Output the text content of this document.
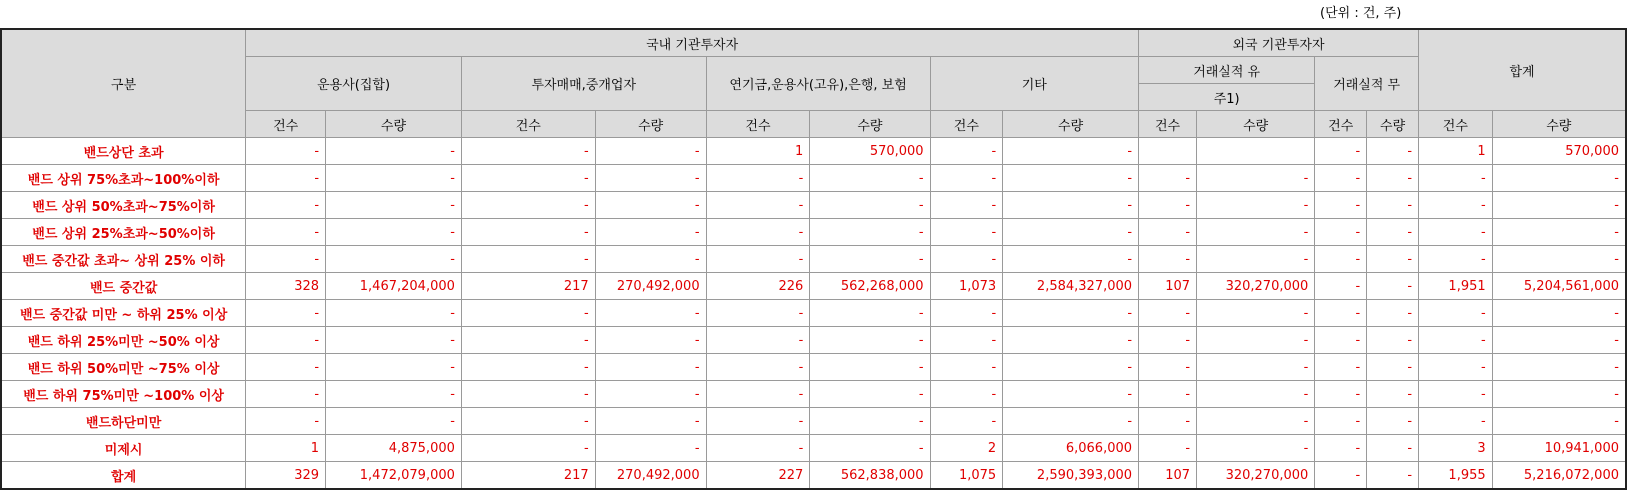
(단위 : 건, 주)
구분	국내 기관투자자								외국 기관투자자				합계	
	운용사(집합)		투자매매,중개업자		연기금,운용사(고유),은행, 보험		기타		거래실적 유		거래실적 무			
									주1)					
	건수	수량	건수	수량	건수	수량	건수	수량	건수	수량	건수	수량	건수	수량
밴드상단 초과	-	-	-	-	1	570,000	-	-			-	-	1	570,000
밴드 상위 75%초과~100%이하	-	-	-	-	-	-	-	-	-	-	-	-	-	-
밴드 상위 50%초과~75%이하	-	-	-	-	-	-	-	-	-	-	-	-	-	-
밴드 상위 25%초과~50%이하	-	-	-	-	-	-	-	-	-	-	-	-	-	-
밴드 중간값 초과~ 상위 25% 이하	-	-	-	-	-	-	-	-	-	-	-	-	-	-
밴드 중간값	328	1,467,204,000	217	270,492,000	226	562,268,000	1,073	2,584,327,000	107	320,270,000	-	-	1,951	5,204,561,000
밴드 중간값 미만 ~ 하위 25% 이상	-	-	-	-	-	-	-	-	-	-	-	-	-	-
밴드 하위 25%미만 ~50% 이상	-	-	-	-	-	-	-	-	-	-	-	-	-	-
밴드 하위 50%미만 ~75% 이상	-	-	-	-	-	-	-	-	-	-	-	-	-	-
밴드 하위 75%미만 ~100% 이상	-	-	-	-	-	-	-	-	-	-	-	-	-	-
밴드하단미만	-	-	-	-	-	-	-	-	-	-	-	-	-	-
미제시	1	4,875,000	-	-	-	-	2	6,066,000	-	-	-	-	3	10,941,000
합계	329	1,472,079,000	217	270,492,000	227	562,838,000	1,075	2,590,393,000	107	320,270,000	-	-	1,955	5,216,072,000
